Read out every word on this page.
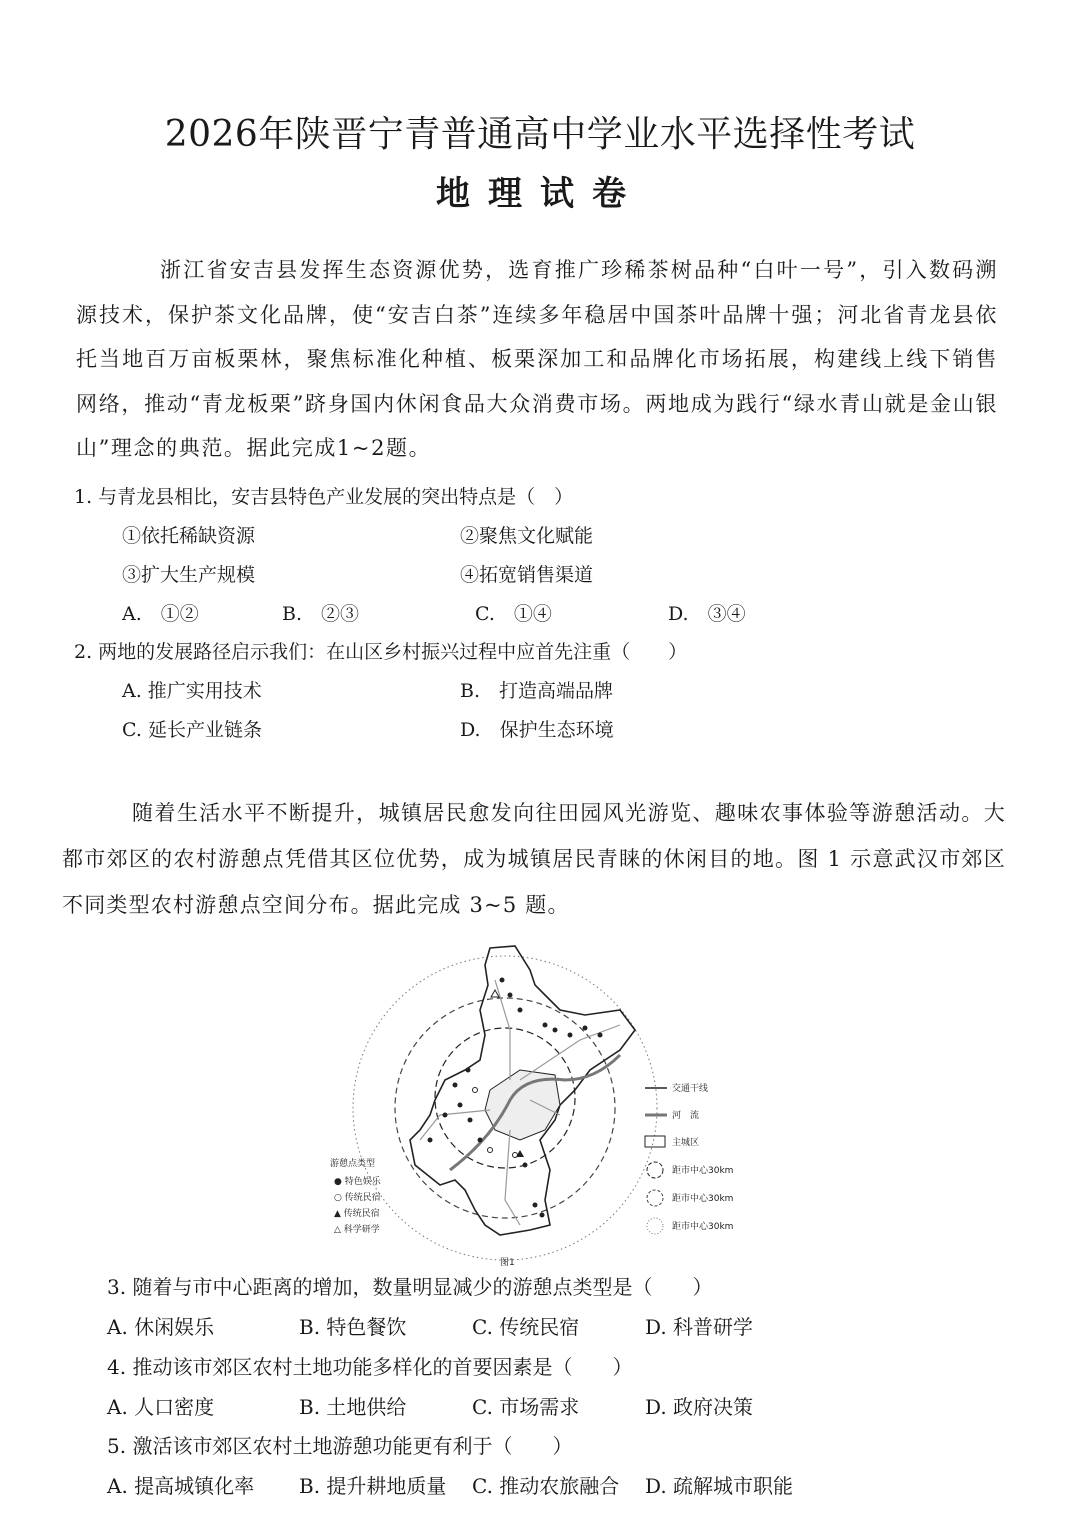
2026年陕晋宁青普通高中学业水平选择性考试
地理试卷
浙江省安吉县发挥生态资源优势，选育推广珍稀茶树品种“白叶一号”，引入数码溯源技术，保护茶文化品牌，使“安吉白茶”连续多年稳居中国茶叶品牌十强；河北省青龙县依托当地百万亩板栗林，聚焦标准化种植、板栗深加工和品牌化市场拓展，构建线上线下销售网络，推动“青龙板栗”跻身国内休闲食品大众消费市场。两地成为践行“绿水青山就是金山银山”理念的典范。据此完成1~2题。
1. 与青龙县相比，安吉县特色产业发展的突出特点是（　）
①依托稀缺资源	②聚焦文化赋能
③扩大生产规模	④拓宽销售渠道
A.　①②	B.　②③	C.　①④	D.　③④
2. 两地的发展路径启示我们：在山区乡村振兴过程中应首先注重（　　）
A. 推广实用技术	B.　打造高端品牌
C. 延长产业链条	D.　保护生态环境
随着生活水平不断提升，城镇居民愈发向往田园风光游览、趣味农事体验等游憩活动。大都市郊区的农村游憩点凭借其区位优势，成为城镇居民青睐的休闲目的地。图 1 示意武汉市郊区不同类型农村游憩点空间分布。据此完成 3~5 题。
游憩点类型
● 特色娱乐
○ 传统民宿
▲ 传统民宿
△ 科学研学
交通干线
河　流
主城区
距市中心30km
距市中心30km
距市中心30km
图1
3. 随着与市中心距离的增加，数量明显减少的游憩点类型是（　　）
A. 休闲娱乐	B. 特色餐饮	C. 传统民宿	D. 科普研学
4. 推动该市郊区农村土地功能多样化的首要因素是（　　）
A. 人口密度	B. 土地供给	C. 市场需求	D. 政府决策
5. 激活该市郊区农村土地游憩功能更有利于（　　）
A. 提高城镇化率 B. 提升耕地质量 C. 推动农旅融合 D. 疏解城市职能
